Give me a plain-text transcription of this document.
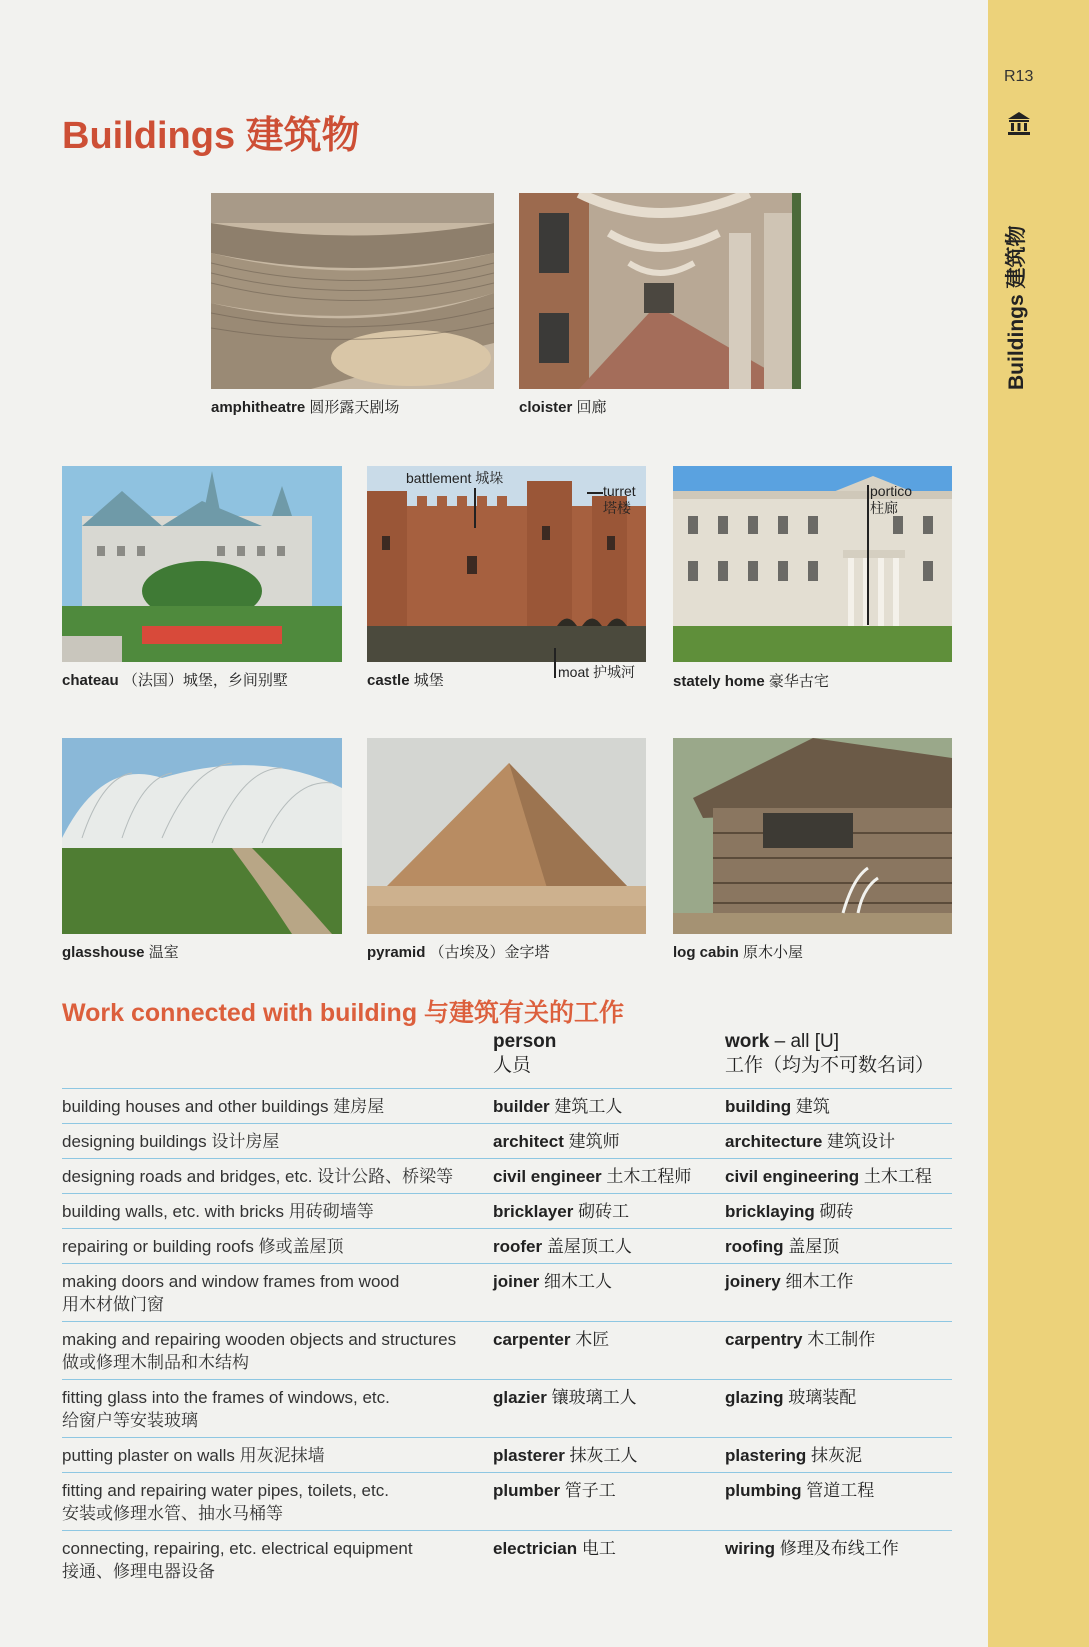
R13
Buildings 建筑物
Buildings 建筑物
amphitheatre 圆形露天剧场	cloister 回廊
chateau （法国）城堡，乡间别墅
battlement 城垛
turret
塔楼
moat 护城河
castle 城堡
portico
柱廊
stately home 豪华古宅
glasshouse 温室	pyramid （古埃及）金字塔	log cabin 原木小屋
Work connected with building 与建筑有关的工作
person
人员
work – all [U]
工作（均为不可数名词）
building houses and other buildings 建房屋	builder 建筑工人	building 建筑
designing buildings 设计房屋	architect 建筑师	architecture 建筑设计
designing roads and bridges, etc. 设计公路、桥梁等	civil engineer 土木工程师	civil engineering 土木工程
building walls, etc. with bricks 用砖砌墙等	bricklayer 砌砖工	bricklaying 砌砖
repairing or building roofs 修或盖屋顶	roofer 盖屋顶工人	roofing 盖屋顶
making doors and window frames from wood
用木材做门窗
joiner 细木工人	joinery 细木工作
making and repairing wooden objects and structures
做或修理木制品和木结构
carpenter 木匠	carpentry 木工制作
fitting glass into the frames of windows, etc.
给窗户等安装玻璃
glazier 镶玻璃工人	glazing 玻璃装配
putting plaster on walls 用灰泥抹墙	plasterer 抹灰工人	plastering 抹灰泥
fitting and repairing water pipes, toilets, etc.
安装或修理水管、抽水马桶等
plumber 管子工	plumbing 管道工程
connecting, repairing, etc. electrical equipment
接通、修理电器设备
electrician 电工	wiring 修理及布线工作
